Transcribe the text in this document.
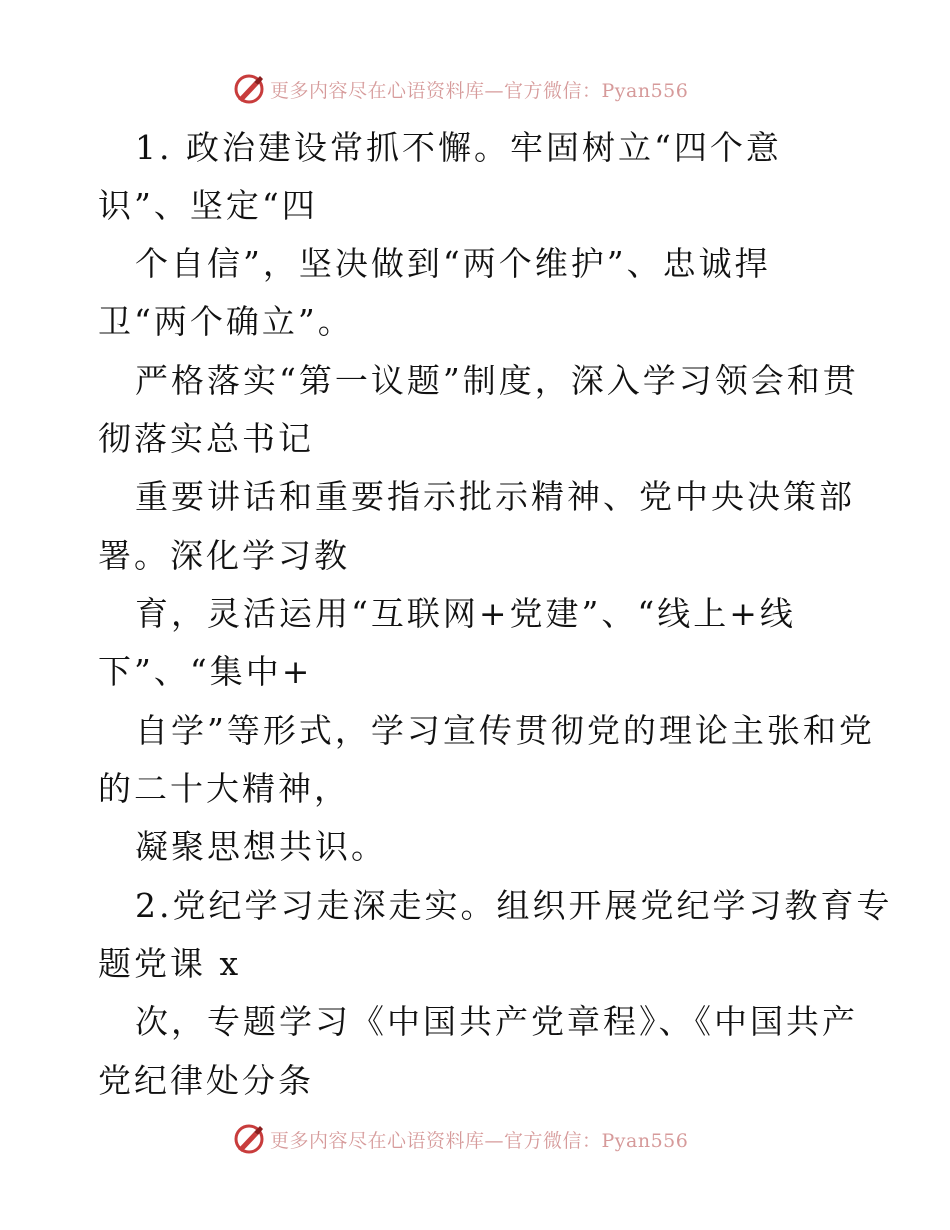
更多内容尽在心语资料库—官方微信：Pyan556
1. 政治建设常抓不懈。牢固树立“四个意
识”、坚定“四
个自信”，坚决做到“两个维护”、忠诚捍
卫“两个确立”。
严格落实“第一议题”制度，深入学习领会和贯
彻落实总书记
重要讲话和重要指示批示精神、党中央决策部
署。深化学习教
育，灵活运用“互联网+党建”、“线上+线
下”、“集中+
自学”等形式，学习宣传贯彻党的理论主张和党
的二十大精神，
凝聚思想共识。
2.党纪学习走深走实。组织开展党纪学习教育专
题党课 x
次，专题学习《中国共产党章程》、《中国共产
党纪律处分条
更多内容尽在心语资料库—官方微信：Pyan556
